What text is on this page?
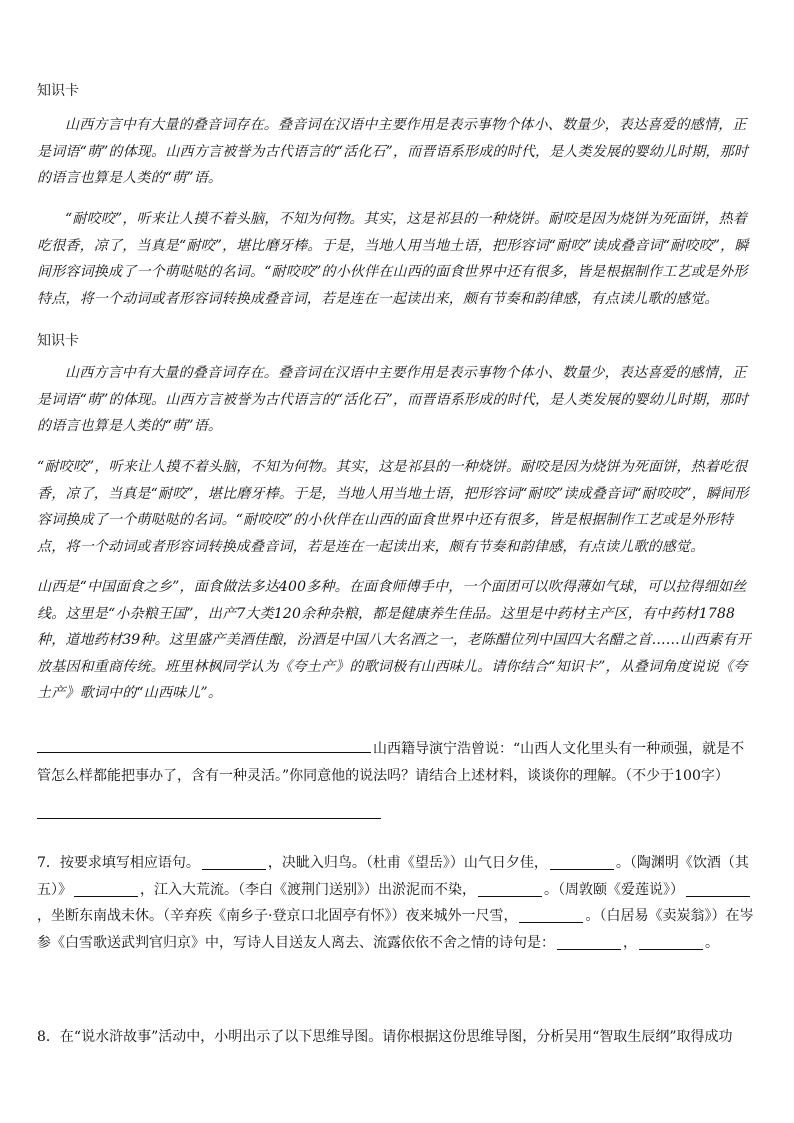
知识卡

山西方言中有大量的叠音词存在。叠音词在汉语中主要作用是表示事物个体小、数量少，表达喜爱的感情，正是词语“萌”的体现。山西方言被誉为古代语言的“活化石”，而晋语系形成的时代，是人类发展的婴幼儿时期，那时的语言也算是人类的“萌”语。

“耐咬咬”，听来让人摸不着头脑，不知为何物。其实，这是祁县的一种烧饼。耐咬是因为烧饼为死面饼，热着吃很香，凉了，当真是“耐咬”，堪比磨牙棒。于是，当地人用当地土语，把形容词“耐咬”读成叠音词“耐咬咬”，瞬间形容词换成了一个萌哒哒的名词。“耐咬咬”的小伙伴在山西的面食世界中还有很多，皆是根据制作工艺或是外形特点，将一个动词或者形容词转换成叠音词，若是连在一起读出来，颇有节奏和韵律感，有点读儿歌的感觉。

知识卡

山西方言中有大量的叠音词存在。叠音词在汉语中主要作用是表示事物个体小、数量少，表达喜爱的感情，正是词语“萌”的体现。山西方言被誉为古代语言的“活化石”，而晋语系形成的时代，是人类发展的婴幼儿时期，那时的语言也算是人类的“萌”语。

“耐咬咬”，听来让人摸不着头脑，不知为何物。其实，这是祁县的一种烧饼。耐咬是因为烧饼为死面饼，热着吃很香，凉了，当真是“耐咬”，堪比磨牙棒。于是，当地人用当地土语，把形容词“耐咬”读成叠音词“耐咬咬”，瞬间形容词换成了一个萌哒哒的名词。“耐咬咬”的小伙伴在山西的面食世界中还有很多，皆是根据制作工艺或是外形特点，将一个动词或者形容词转换成叠音词，若是连在一起读出来，颇有节奏和韵律感，有点读儿歌的感觉。

山西是“中国面食之乡”，面食做法多达400多种。在面食师傅手中，一个面团可以吹得薄如气球，可以拉得细如丝线。这里是“小杂粮王国”，出产7大类120余种杂粮，都是健康养生佳品。这里是中药材主产区，有中药材1788种，道地药材39种。这里盛产美酒佳酿，汾酒是中国八大名酒之一，老陈醋位列中国四大名醋之首……山西素有开放基因和重商传统。班里林枫同学认为《夸土产》的歌词极有山西味儿。请你结合“知识卡”，从叠词角度说说《夸土产》歌词中的“山西味儿”。

山西籍导演宁浩曾说：“山西人文化里头有一种顽强，就是不管怎么样都能把事办了，含有一种灵活。”你同意他的说法吗？请结合上述材料，谈谈你的理解。（不少于100字）

7．按要求填写相应语句。	，决眦入归鸟。（杜甫《望岳》）山气日夕佳，	。（陶渊明《饮酒（其五）》	，江入大荒流。（李白《渡荆门送别》）出淤泥而不染，	。（周敦颐《爱莲说》），坐断东南战未休。（辛弃疾《南乡子·登京口北固亭有怀》）夜来城外一尺雪，	。（白居易《卖炭翁》）在岑参《白雪歌送武判官归京》中，写诗人目送友人离去、流露依依不舍之情的诗句是：	，	。

8．在“说水浒故事”活动中，小明出示了以下思维导图。请你根据这份思维导图，分析吴用“智取生辰纲”取得成功
